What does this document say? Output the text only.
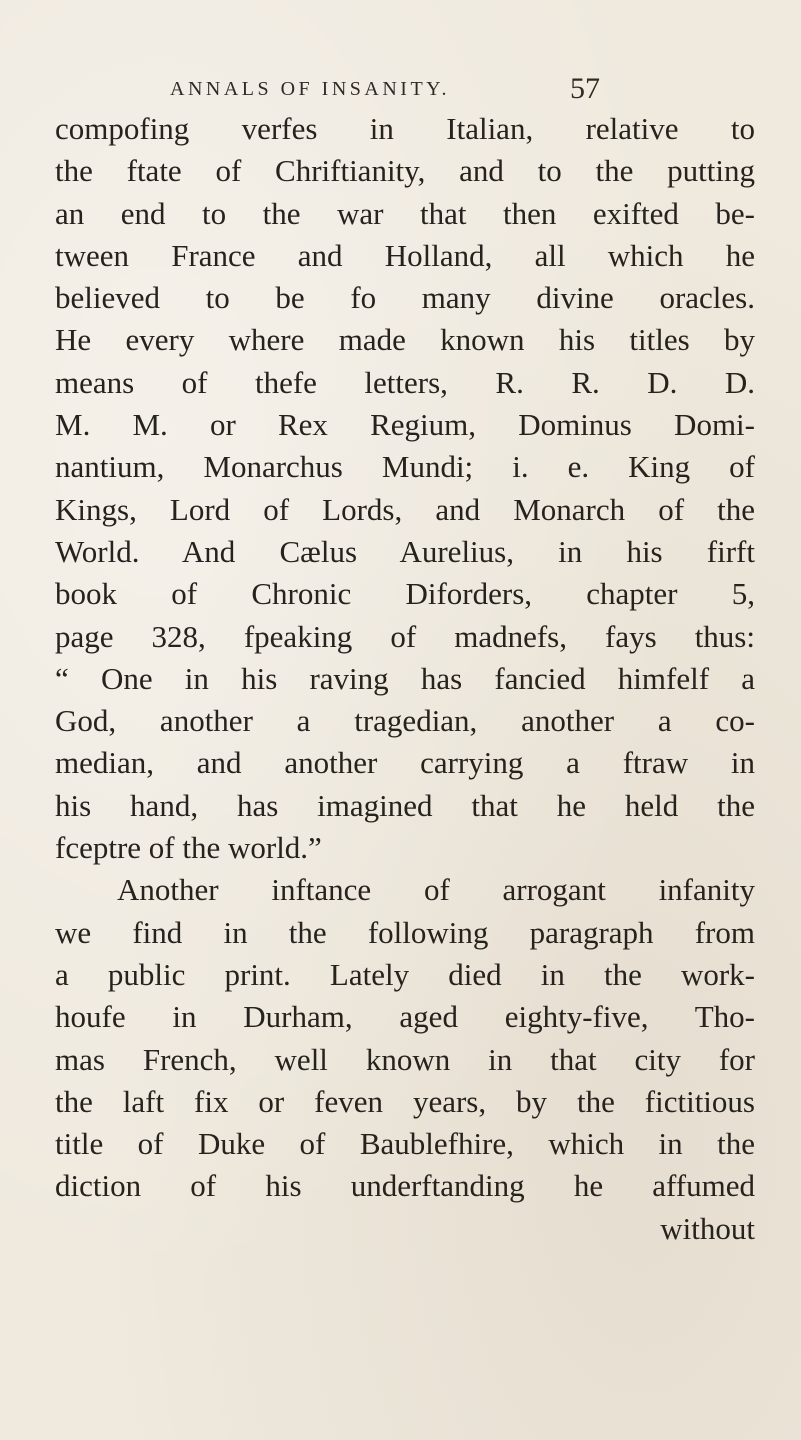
ANNALS OF INSANITY.	57
compofing verfes in Italian, relative to
the ftate of Chriftianity, and to the putting
an end to the war that then exifted be-
tween France and Holland, all which he
believed to be fo many divine oracles.
He every where made known his titles by
means of thefe letters, R. R. D. D.
M. M. or Rex Regium, Dominus Domi-
nantium, Monarchus Mundi; i. e. King of
Kings, Lord of Lords, and Monarch of the
World. And Cælus Aurelius, in his firft
book of Chronic Diforders, chapter 5,
page 328, fpeaking of madnefs, fays thus:
“ One in his raving has fancied himfelf a
God, another a tragedian, another a co-
median, and another carrying a ftraw in
his hand, has imagined that he held the
fceptre of the world.”
Another inftance of arrogant infanity
we find in the following paragraph from
a public print. Lately died in the work-
houfe in Durham, aged eighty-five, Tho-
mas French, well known in that city for
the laft fix or feven years, by the fictitious
title of Duke of Baublefhire, which in the
diction of his underftanding he affumed
without
